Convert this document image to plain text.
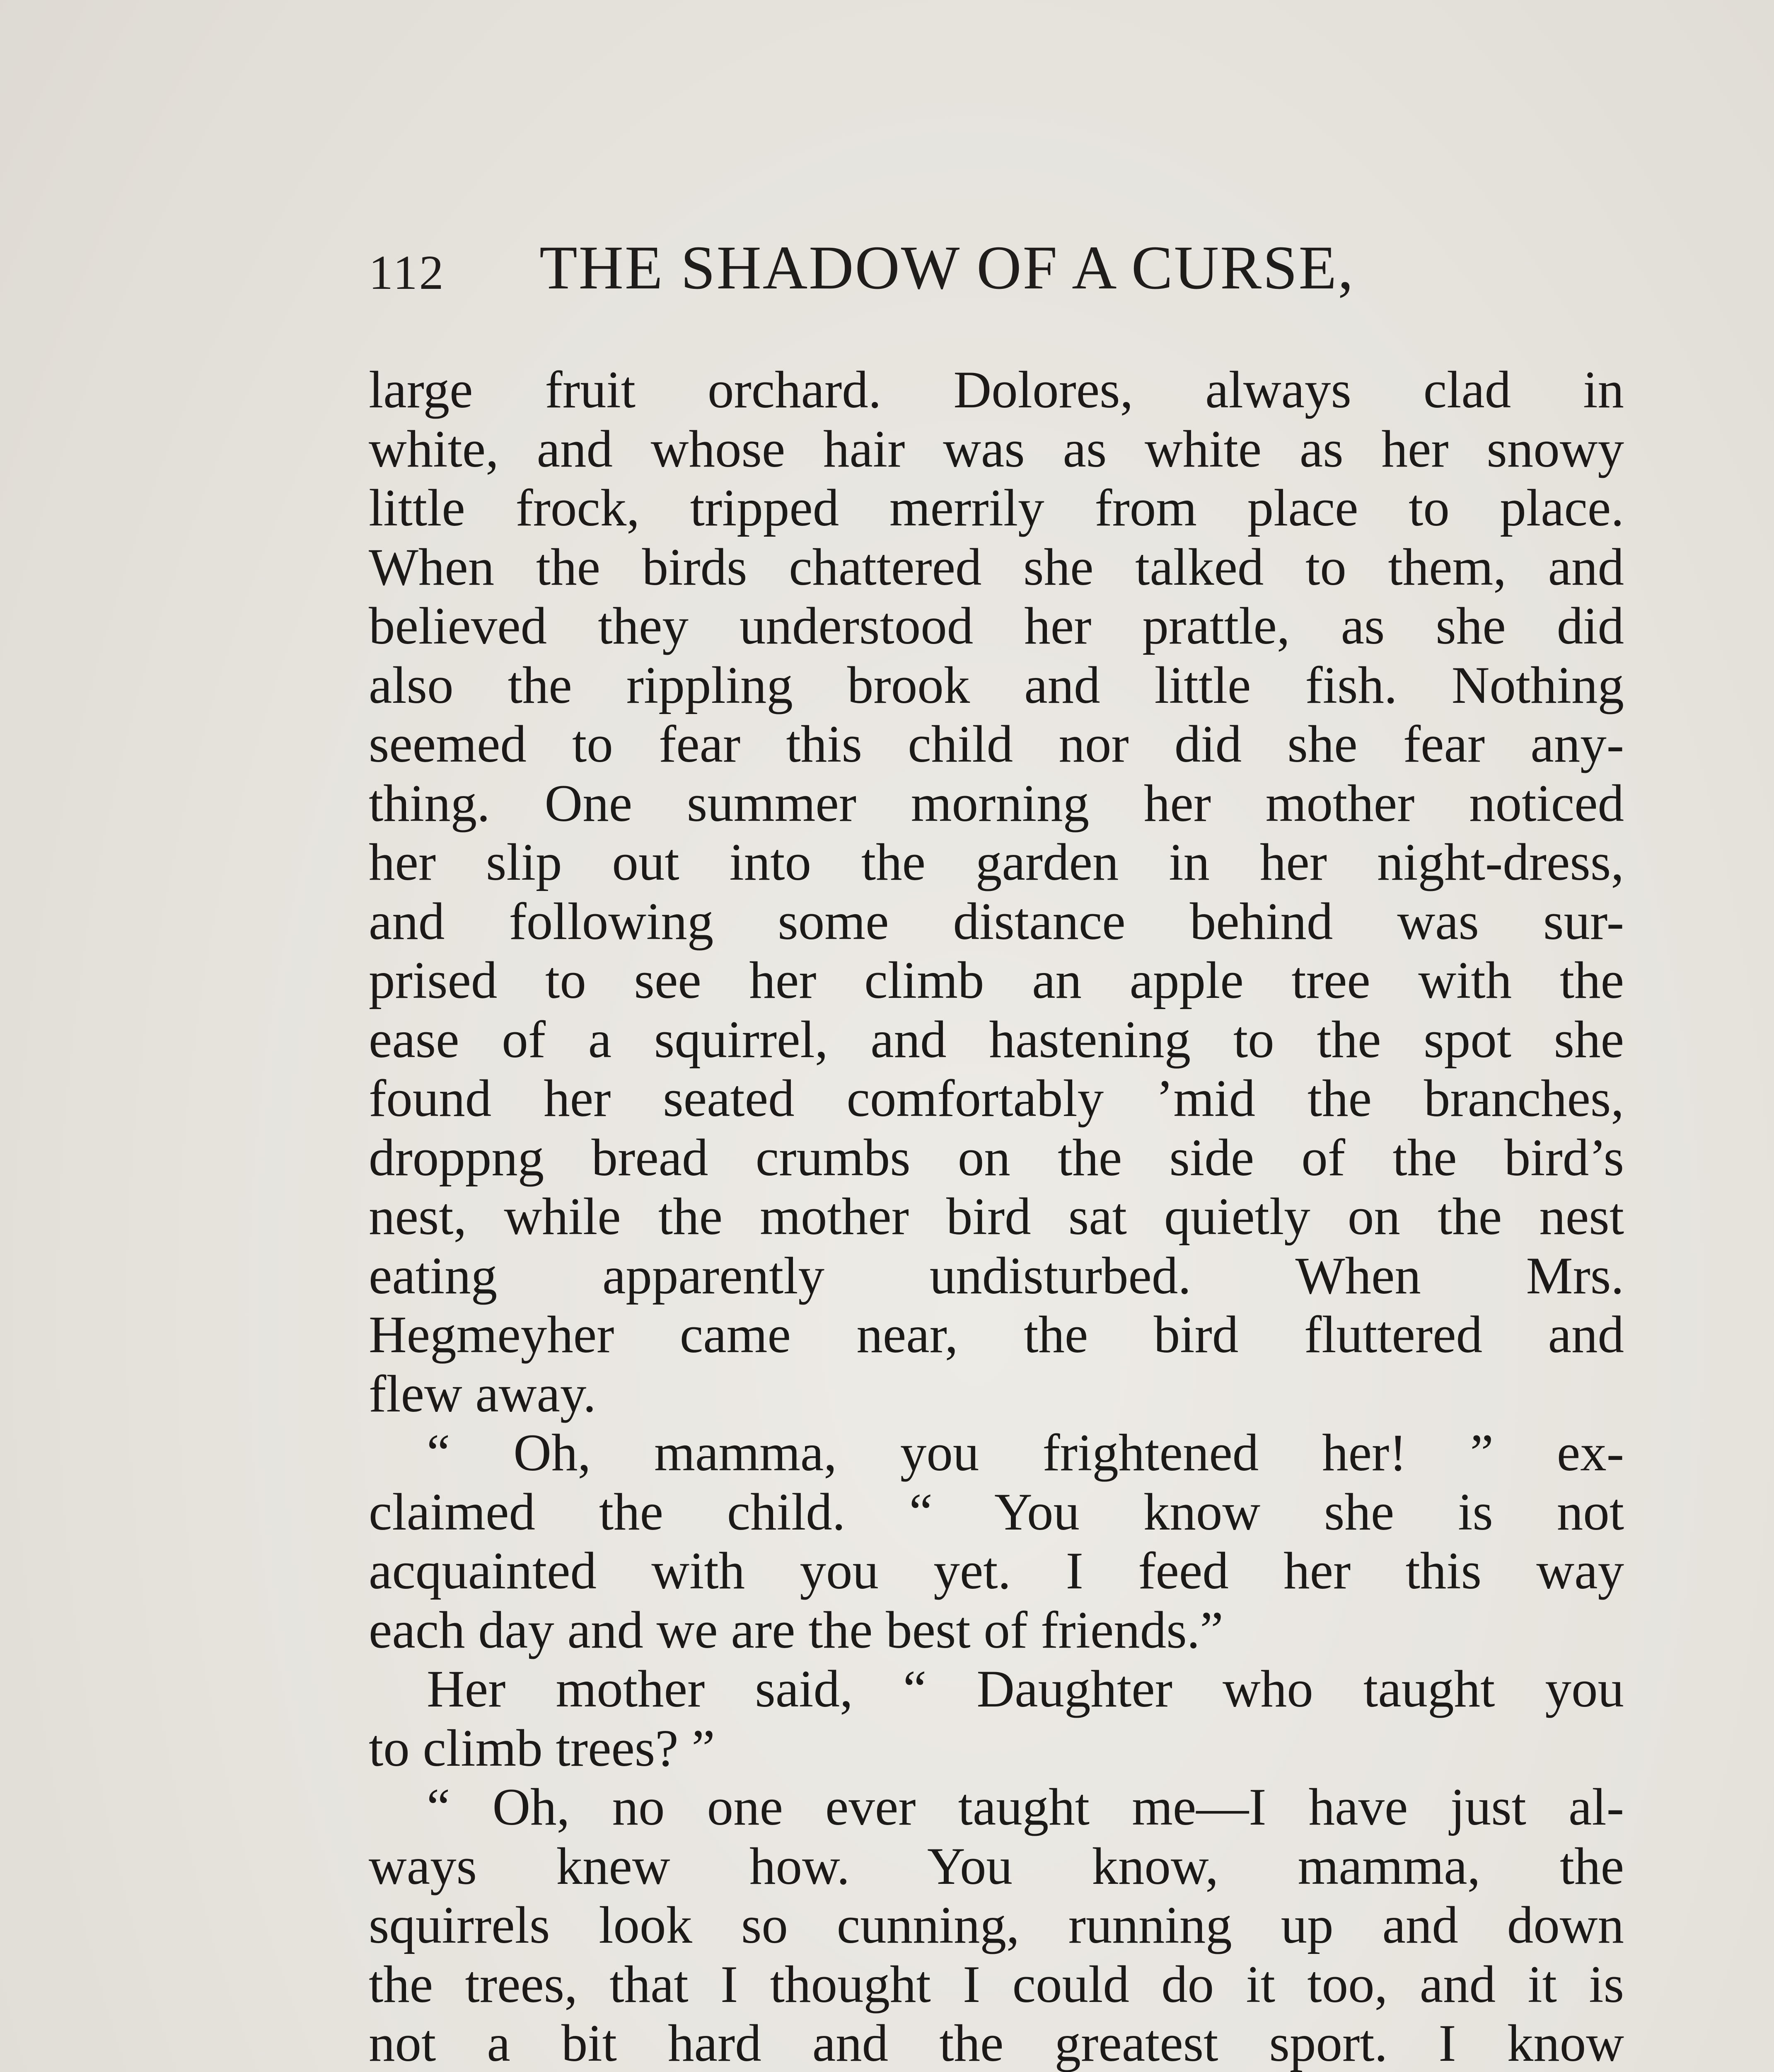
112 THE SHADOW OF A CURSE,
large fruit orchard. Dolores, always clad in
white, and whose hair was as white as her snowy
little frock, tripped merrily from place to place.
When the birds chattered she talked to them, and
believed they understood her prattle, as she did
also the rippling brook and little fish. Nothing
seemed to fear this child nor did she fear any-
thing. One summer morning her mother noticed
her slip out into the garden in her night-dress,
and following some distance behind was sur-
prised to see her climb an apple tree with the
ease of a squirrel, and hastening to the spot she
found her seated comfortably ’mid the branches,
droppng bread crumbs on the side of the bird’s
nest, while the mother bird sat quietly on the nest
eating apparently undisturbed. When Mrs.
Hegmeyher came near, the bird fluttered and
flew away.
“ Oh, mamma, you frightened her! ” ex-
claimed the child. “ You know she is not
acquainted with you yet. I feed her this way
each day and we are the best of friends.”
Her mother said, “ Daughter who taught you
to climb trees? ”
“ Oh, no one ever taught me—I have just al-
ways knew how. You know, mamma, the
squirrels look so cunning, running up and down
the trees, that I thought I could do it too, and it is
not a bit hard and the greatest sport. I know
